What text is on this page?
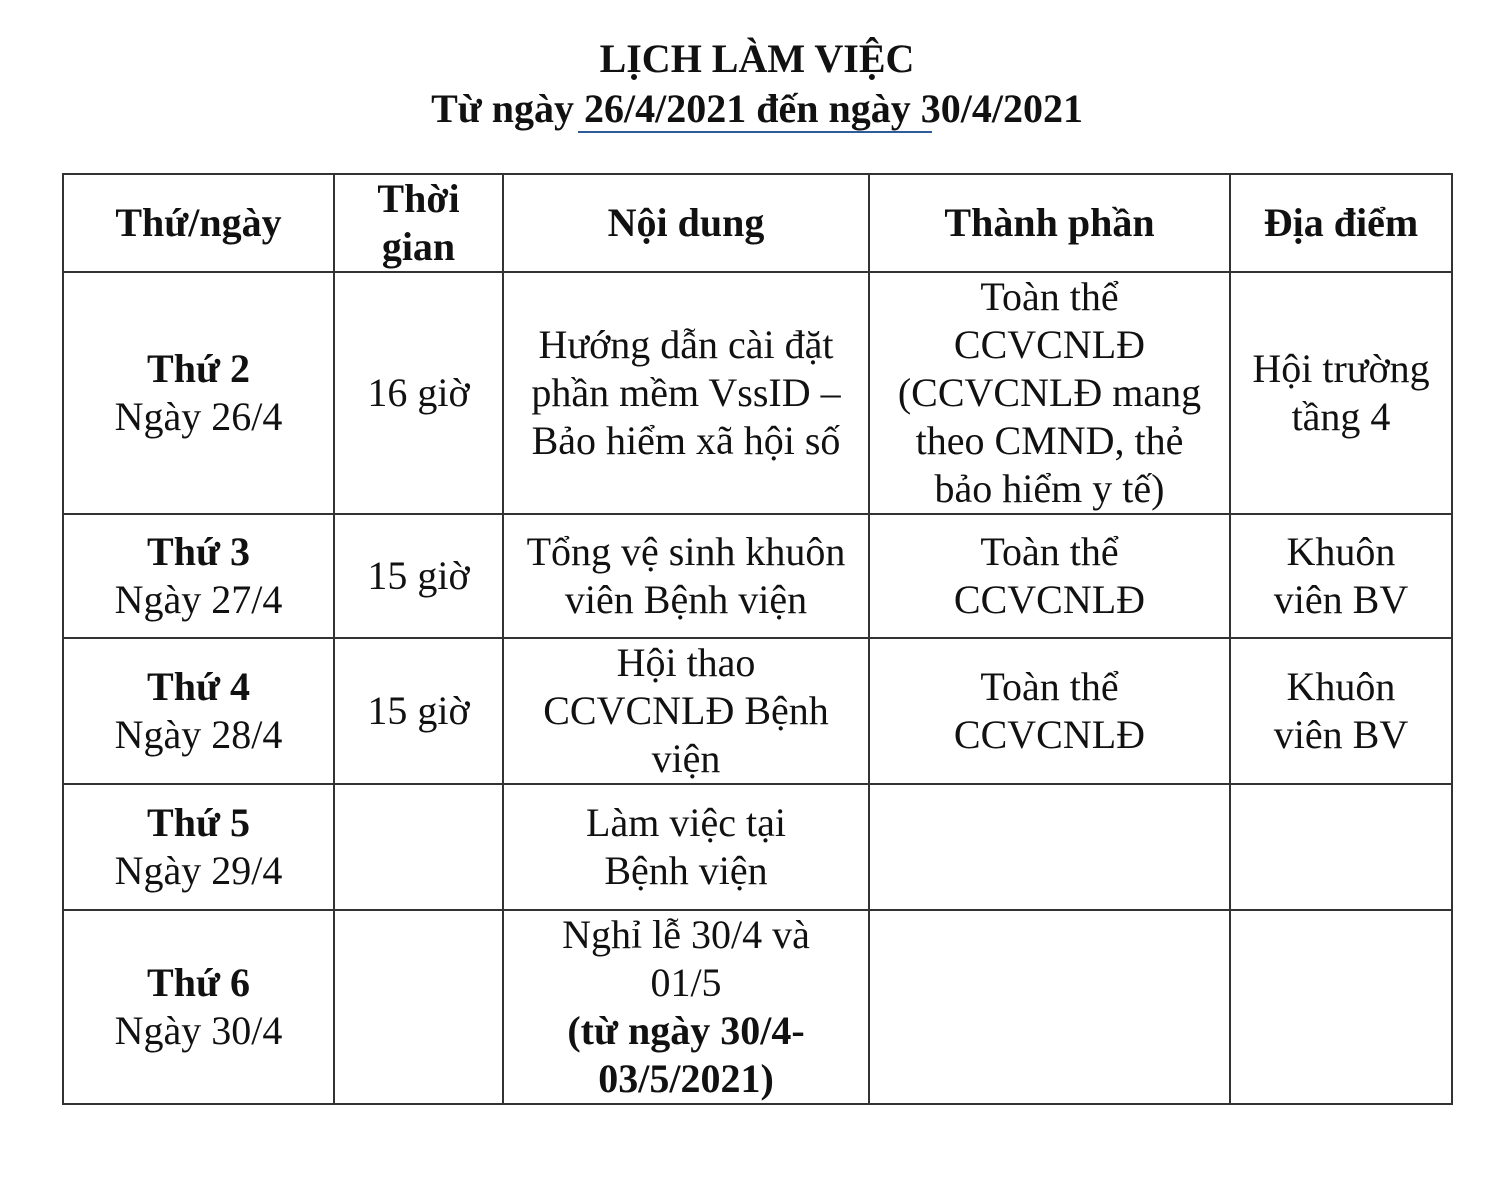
LỊCH LÀM VIỆC
Từ ngày 26/4/2021 đến ngày 30/4/2021
Thứ/ngày	Thời
gian	Nội dung	Thành phần	Địa điểm

Thứ 2
Ngày 26/4	16 giờ	Hướng dẫn cài đặt
phần mềm VssID –
Bảo hiểm xã hội số	Toàn thể
CCVCNLĐ
(CCVCNLĐ mang
theo CMND, thẻ
bảo hiểm y tế)	Hội trường
tầng 4

Thứ 3
Ngày 27/4	15 giờ	Tổng vệ sinh khuôn
viên Bệnh viện	Toàn thể
CCVCNLĐ	Khuôn
viên BV

Thứ 4
Ngày 28/4	15 giờ	Hội thao
CCVCNLĐ Bệnh
viện	Toàn thể
CCVCNLĐ	Khuôn
viên BV

Thứ 5
Ngày 29/4		Làm việc tại
Bệnh viện		

Thứ 6
Ngày 30/4		Nghỉ lễ 30/4 và
01/5
(từ ngày 30/4-
03/5/2021)		
